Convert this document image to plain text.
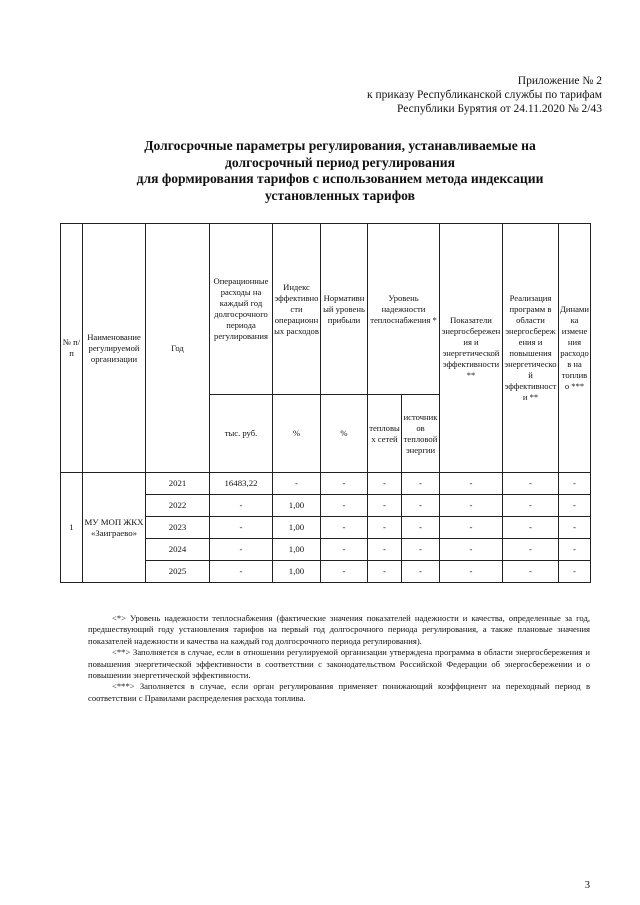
Приложение № 2
к приказу Республиканской службы по тарифам
Республики Бурятия от 24.11.2020 № 2/43
Долгосрочные параметры регулирования, устанавливаемые на
долгосрочный период регулирования
для формирования тарифов с использованием метода индексации
установленных тарифов
№ п/п	Наименование регулируемой организации	Год	Операционные расходы на каждый год долгосрочного периода регулирования	Индекс эффективности операционных расходов	Нормативный уровень прибыли	Уровень надежности теплоснабжения *		Показатели энергосбережения и энергетической эффективности **	Реализация программ в области энергосбережения и повышения энергетической эффективности **	Динамика изменения расходов на топливо ***
			тыс. руб.	%	%	тепловых сетей	источников тепловой энергии			
1	МУ МОП ЖКХ «Заиграево»	2021	16483,22	-	-	-	-	-	-	-
		2022	-	1,00	-	-	-	-	-	-
		2023	-	1,00	-	-	-	-	-	-
		2024	-	1,00	-	-	-	-	-	-
		2025	-	1,00	-	-	-	-	-	-

<*> Уровень надежности теплоснабжения (фактические значения показателей надежности и качества, определенные за год, предшествующий году установления тарифов на первый год долгосрочного периода регулирования, а также плановые значения показателей надежности и качества на каждый год долгосрочного периода регулирования).

<**> Заполняется в случае, если в отношении регулируемой организации утверждена программа в области энергосбережения и повышения энергетической эффективности в соответствии с законодательством Российской Федерации об энергосбережении и о повышении энергетической эффективности.

<***> Заполняется в случае, если орган регулирования применяет понижающий коэффициент на переходный период в соответствии с Правилами распределения расхода топлива.

3
